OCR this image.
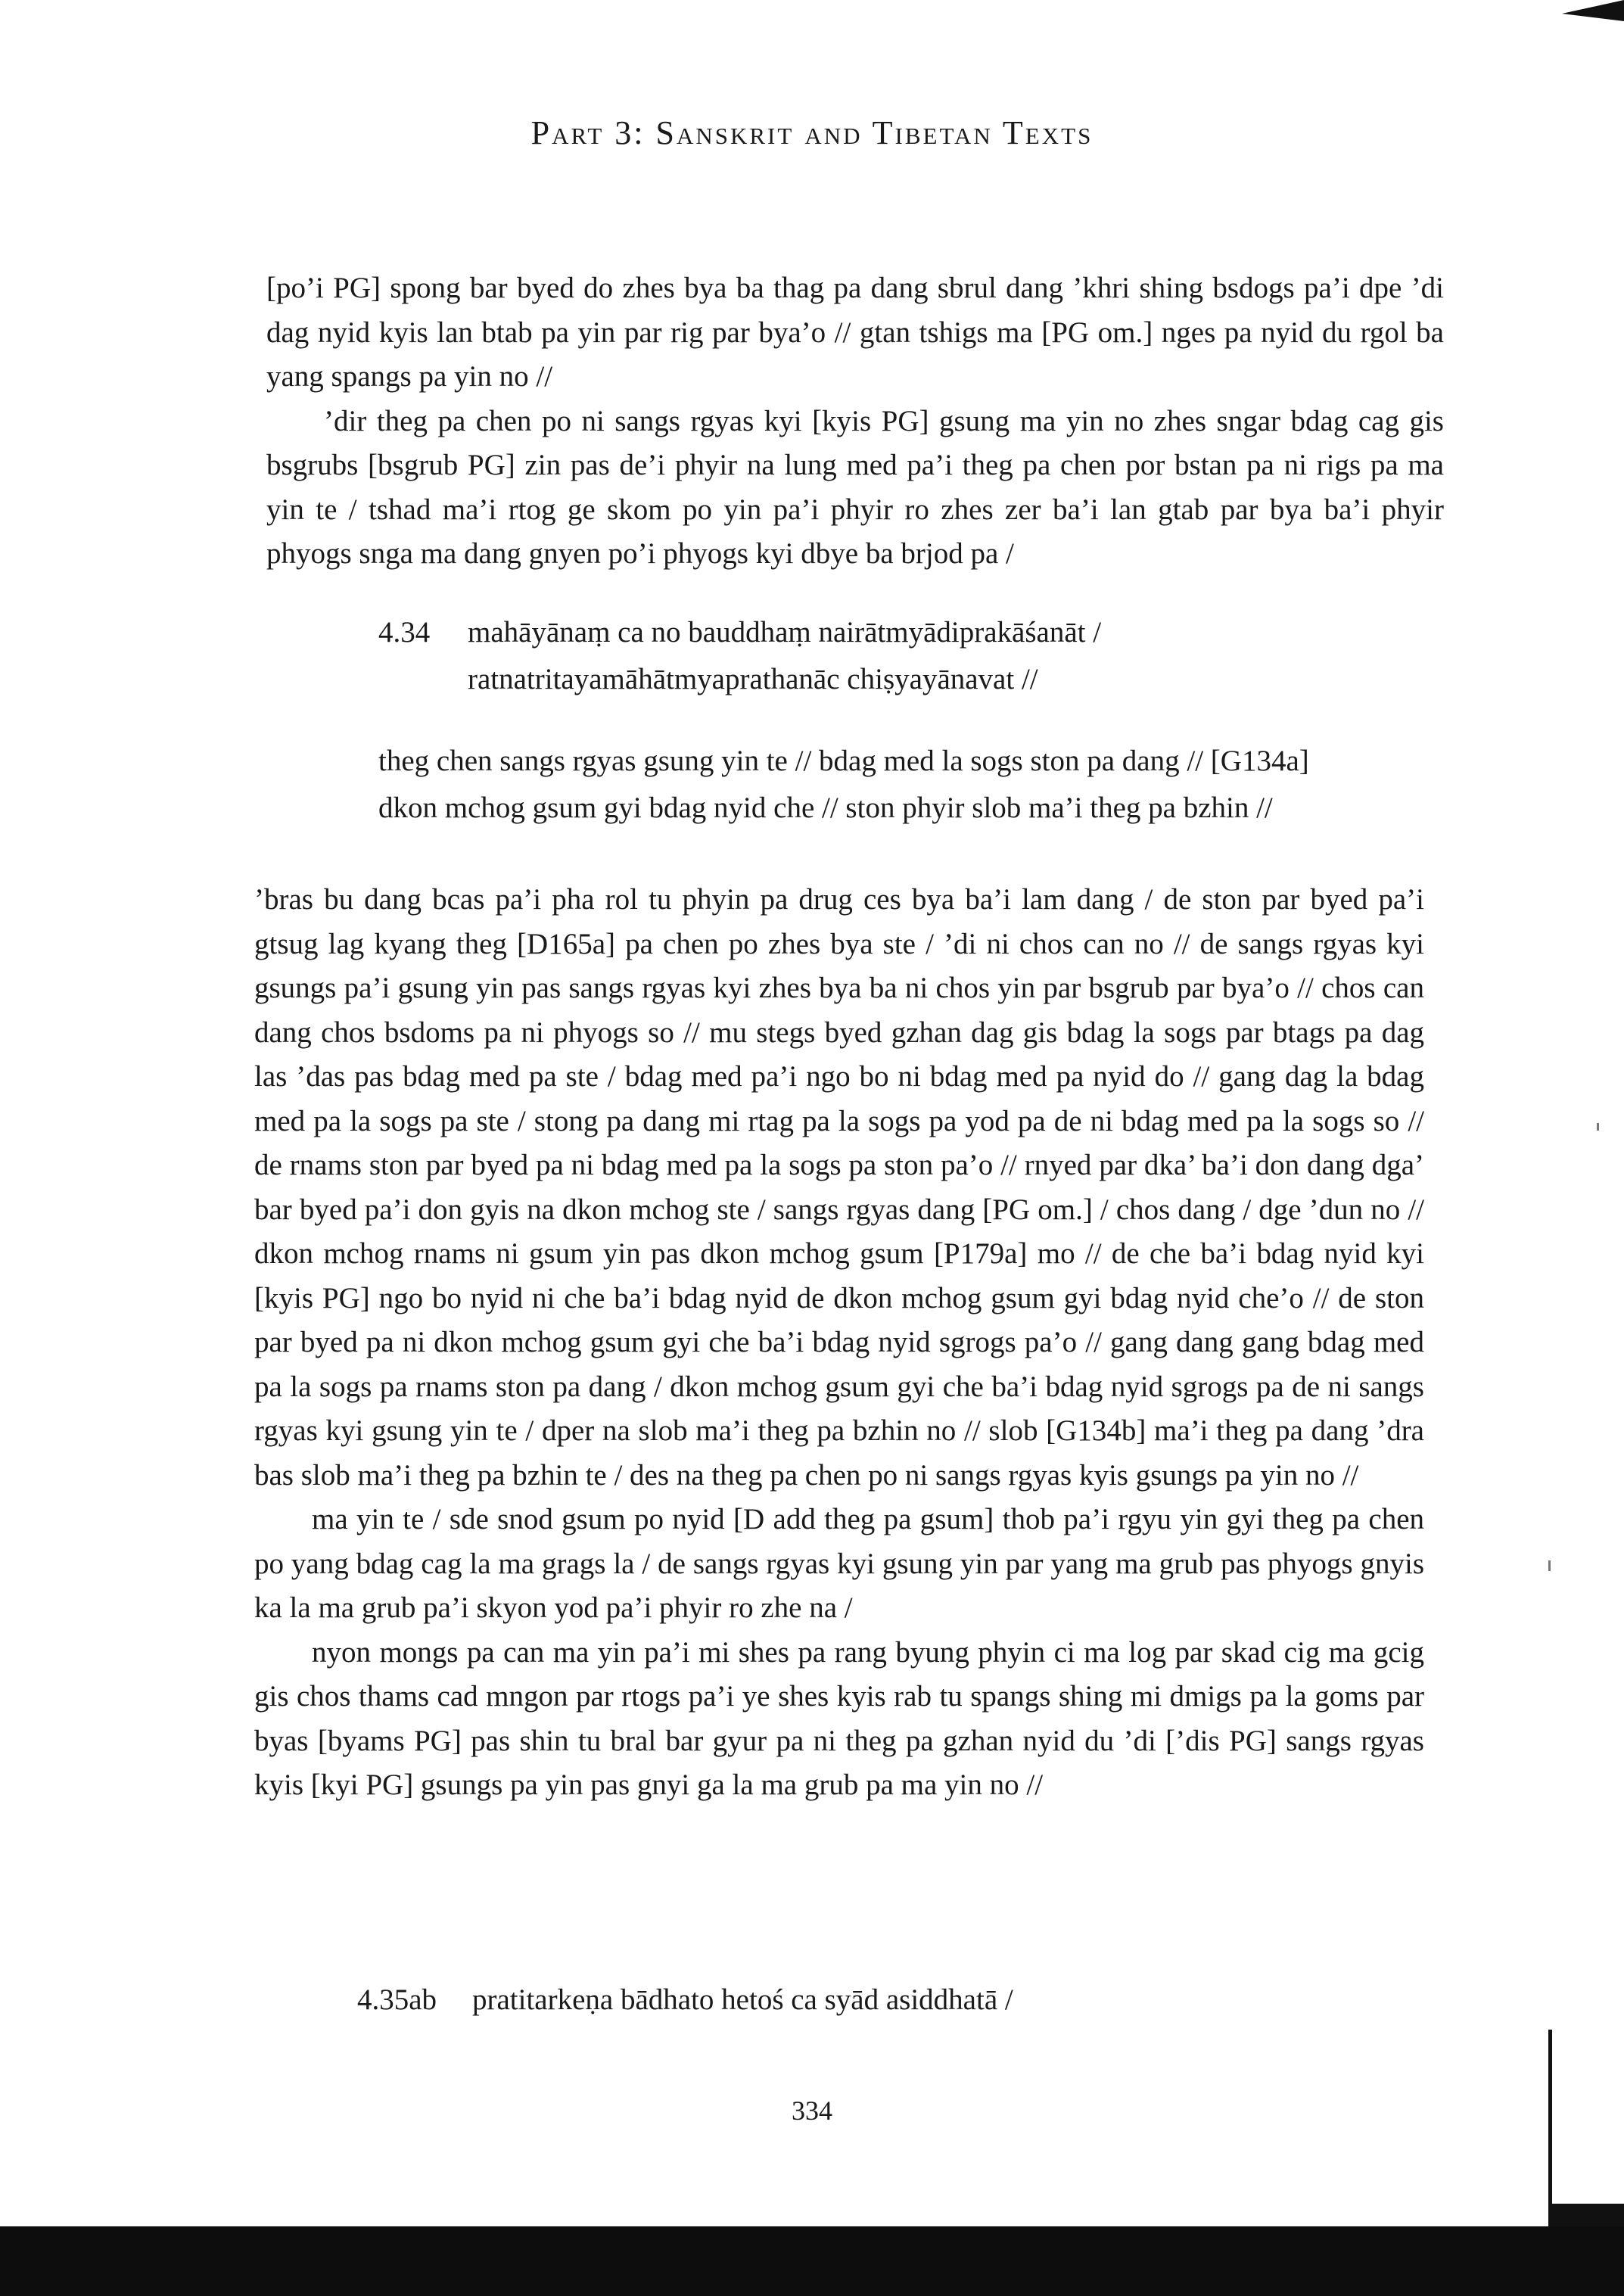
Part 3: Sanskrit and Tibetan Texts

[po’i PG] spong bar byed do zhes bya ba thag pa dang sbrul dang ’khri shing bsdogs pa’i dpe ’di dag nyid kyis lan btab pa yin par rig par bya’o // gtan tshigs ma [PG om.] nges pa nyid du rgol ba yang spangs pa yin no //

’dir theg pa chen po ni sangs rgyas kyi [kyis PG] gsung ma yin no zhes sngar bdag cag gis bsgrubs [bsgrub PG] zin pas de’i phyir na lung med pa’i theg pa chen por bstan pa ni rigs pa ma yin te / tshad ma’i rtog ge skom po yin pa’i phyir ro zhes zer ba’i lan gtab par bya ba’i phyir phyogs snga ma dang gnyen po’i phyogs kyi dbye ba brjod pa /

4.34 mahāyānaṃ ca no bauddhaṃ nairātmyādiprakāśanāt /
ratnatritayamāhātmyaprathanāc chiṣyayānavat //
theg chen sangs rgyas gsung yin te // bdag med la sogs ston pa dang // [G134a]
dkon mchog gsum gyi bdag nyid che // ston phyir slob ma’i theg pa bzhin //

’bras bu dang bcas pa’i pha rol tu phyin pa drug ces bya ba’i lam dang / de ston par byed pa’i gtsug lag kyang theg [D165a] pa chen po zhes bya ste / ’di ni chos can no // de sangs rgyas kyi gsungs pa’i gsung yin pas sangs rgyas kyi zhes bya ba ni chos yin par bsgrub par bya’o // chos can dang chos bsdoms pa ni phyogs so // mu stegs byed gzhan dag gis bdag la sogs par btags pa dag las ’das pas bdag med pa ste / bdag med pa’i ngo bo ni bdag med pa nyid do // gang dag la bdag med pa la sogs pa ste / stong pa dang mi rtag pa la sogs pa yod pa de ni bdag med pa la sogs so // de rnams ston par byed pa ni bdag med pa la sogs pa ston pa’o // rnyed par dka’ ba’i don dang dga’ bar byed pa’i don gyis na dkon mchog ste / sangs rgyas dang [PG om.] / chos dang / dge ’dun no // dkon mchog rnams ni gsum yin pas dkon mchog gsum [P179a] mo // de che ba’i bdag nyid kyi [kyis PG] ngo bo nyid ni che ba’i bdag nyid de dkon mchog gsum gyi bdag nyid che’o // de ston par byed pa ni dkon mchog gsum gyi che ba’i bdag nyid sgrogs pa’o // gang dang gang bdag med pa la sogs pa rnams ston pa dang / dkon mchog gsum gyi che ba’i bdag nyid sgrogs pa de ni sangs rgyas kyi gsung yin te / dper na slob ma’i theg pa bzhin no // slob [G134b] ma’i theg pa dang ’dra bas slob ma’i theg pa bzhin te / des na theg pa chen po ni sangs rgyas kyis gsungs pa yin no //

ma yin te / sde snod gsum po nyid [D add theg pa gsum] thob pa’i rgyu yin gyi theg pa chen po yang bdag cag la ma grags la / de sangs rgyas kyi gsung yin par yang ma grub pas phyogs gnyis ka la ma grub pa’i skyon yod pa’i phyir ro zhe na /

nyon mongs pa can ma yin pa’i mi shes pa rang byung phyin ci ma log par skad cig ma gcig gis chos thams cad mngon par rtogs pa’i ye shes kyis rab tu spangs shing mi dmigs pa la goms par byas [byams PG] pas shin tu bral bar gyur pa ni theg pa gzhan nyid du ’di [’dis PG] sangs rgyas kyis [kyi PG] gsungs pa yin pas gnyi ga la ma grub pa ma yin no //

4.35ab pratitarkeṇa bādhato hetoś ca syād asiddhatā /
334
